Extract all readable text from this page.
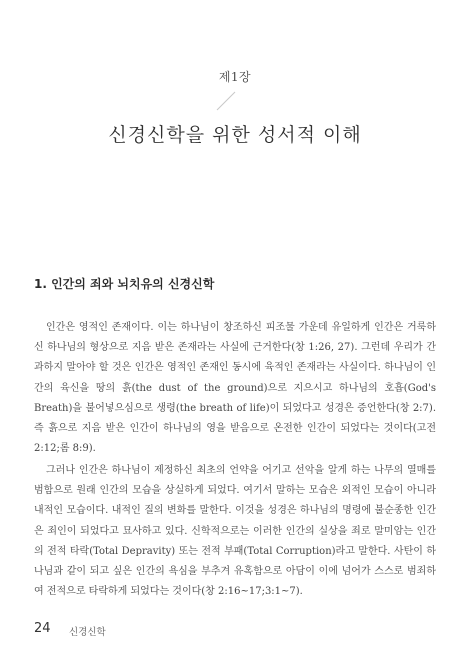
제1장
신경신학을 위한 성서적 이해
1. 인간의 죄와 뇌치유의 신경신학

인간은 영적인 존재이다. 이는 하나님이 창조하신 피조물 가운데 유일하게 인간은 거룩하신 하나님의 형상으로 지음 받은 존재라는 사실에 근거한다(창 1:26, 27). 그런데 우리가 간과하지 말아야 할 것은 인간은 영적인 존재인 동시에 육적인 존재라는 사실이다. 하나님이 인간의 육신을 땅의 흙(the dust of the ground)으로 지으시고 하나님의 호흡(God's Breath)을 불어넣으심으로 생령(the breath of life)이 되었다고 성경은 증언한다(창 2:7). 즉 흙으로 지음 받은 인간이 하나님의 영을 받음으로 온전한 인간이 되었다는 것이다(고전 2:12;롬 8:9).

그러나 인간은 하나님이 제정하신 최초의 언약을 어기고 선악을 알게 하는 나무의 열매를 범함으로 원래 인간의 모습을 상실하게 되었다. 여기서 말하는 모습은 외적인 모습이 아니라 내적인 모습이다. 내적인 질의 변화를 말한다. 이것을 성경은 하나님의 명령에 불순종한 인간은 죄인이 되었다고 묘사하고 있다. 신학적으로는 이러한 인간의 실상을 죄로 말미암는 인간의 전적 타락(Total Depravity) 또는 전적 부패(Total Corruption)라고 말한다. 사탄이 하나님과 같이 되고 싶은 인간의 욕심을 부추겨 유혹함으로 아담이 이에 넘어가 스스로 범죄하여 전적으로 타락하게 되었다는 것이다(창 2:16~17;3:1~7).

24 신경신학
